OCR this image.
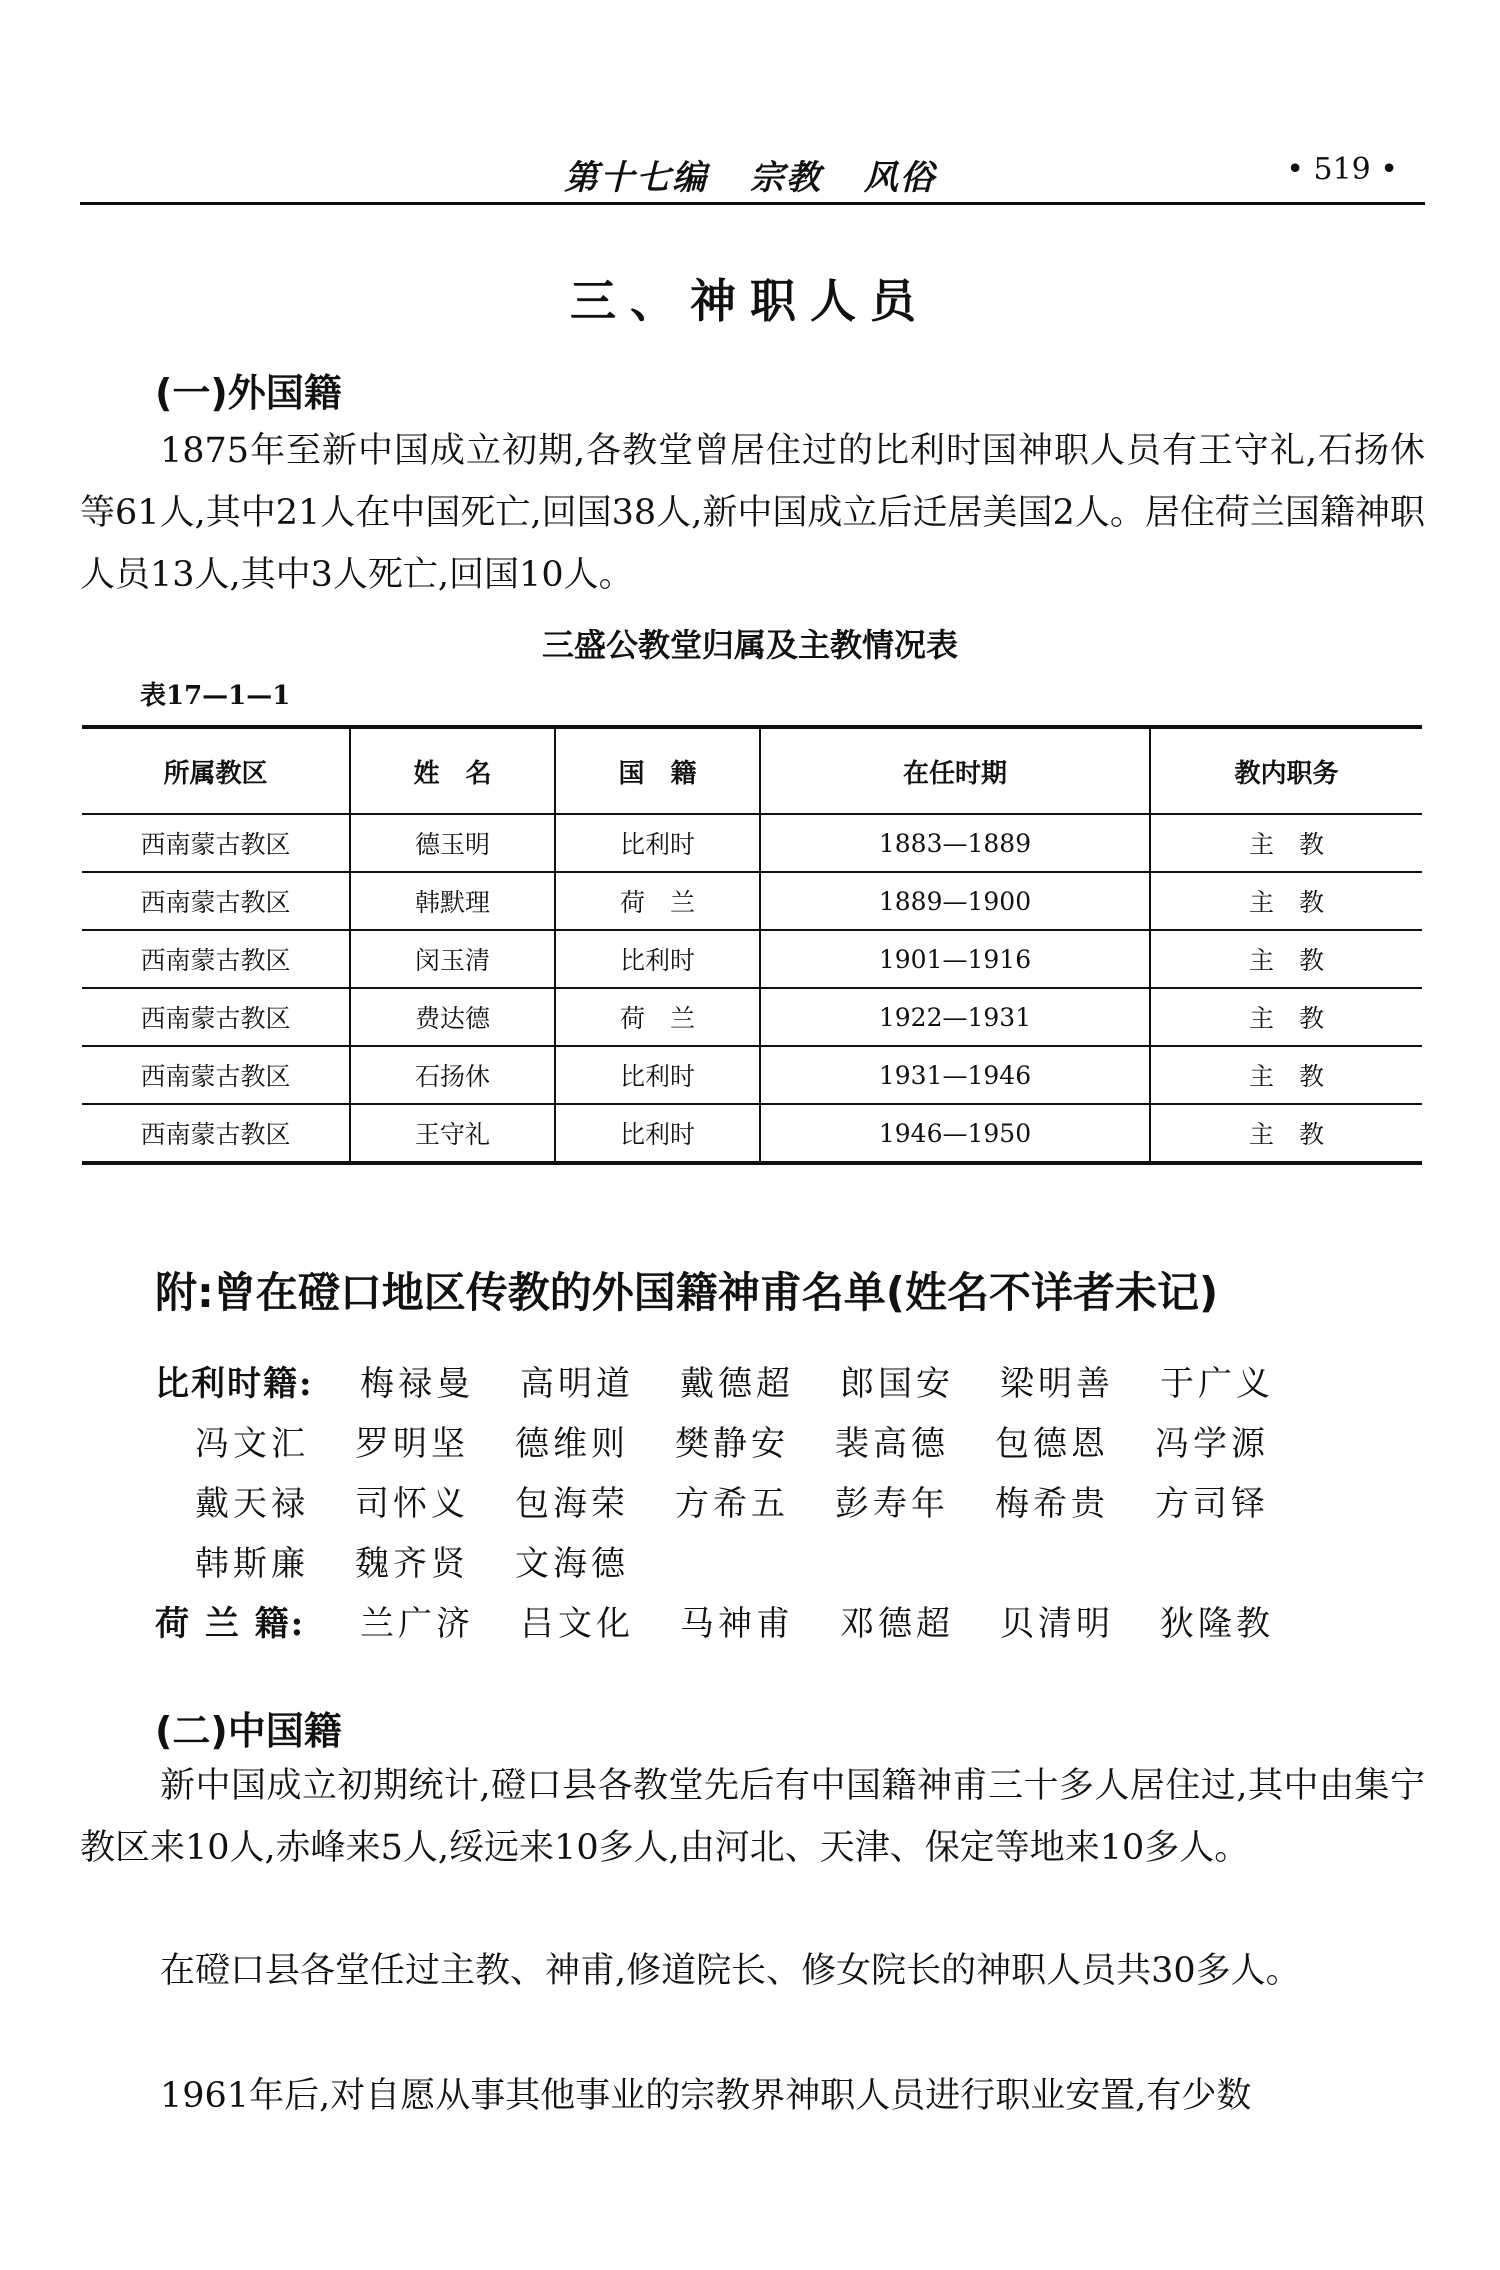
第十七编 宗教 风俗	• 519 •
三、神职人员
(一)外国籍

1875年至新中国成立初期,各教堂曾居住过的比利时国神职人员有王守礼,石扬休等61人,其中21人在中国死亡,回国38人,新中国成立后迁居美国2人。居住荷兰国籍神职人员13人,其中3人死亡,回国10人。

三盛公教堂归属及主教情况表
表17—1—1
所属教区	姓　名	国　籍	在任时期	教内职务
西南蒙古教区	德玉明	比利时	1883—1889	主　教
西南蒙古教区	韩默理	荷　兰	1889—1900	主　教
西南蒙古教区	闵玉清	比利时	1901—1916	主　教
西南蒙古教区	费达德	荷　兰	1922—1931	主　教
西南蒙古教区	石扬休	比利时	1931—1946	主　教
西南蒙古教区	王守礼	比利时	1946—1950	主　教
附:曾在磴口地区传教的外国籍神甫名单(姓名不详者未记)
比利时籍:	梅禄曼	高明道	戴德超	郎国安	梁明善	于广义
冯文汇	罗明坚	德维则	樊静安	裴高德	包德恩	冯学源
戴天禄	司怀义	包海荣	方希五	彭寿年	梅希贵	方司铎
韩斯廉	魏齐贤	文海德
荷 兰 籍:	兰广济	吕文化	马神甫	邓德超	贝清明	狄隆教
(二)中国籍

新中国成立初期统计,磴口县各教堂先后有中国籍神甫三十多人居住过,其中由集宁教区来10人,赤峰来5人,绥远来10多人,由河北、天津、保定等地来10多人。

在磴口县各堂任过主教、神甫,修道院长、修女院长的神职人员共30多人。

1961年后,对自愿从事其他事业的宗教界神职人员进行职业安置,有少数
